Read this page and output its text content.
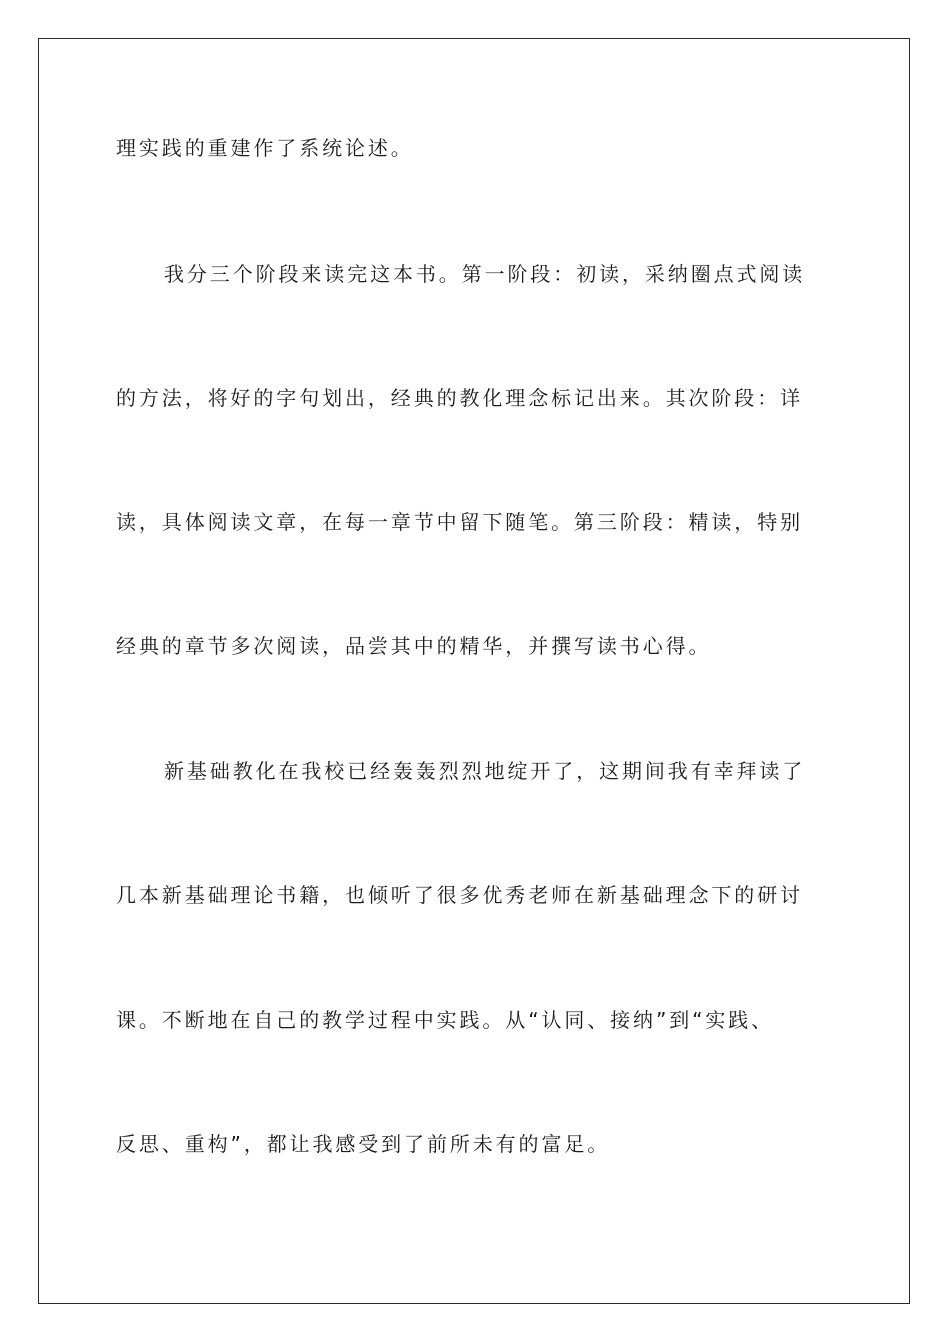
理实践的重建作了系统论述。
我分三个阶段来读完这本书。第一阶段：初读，采纳圈点式阅读
的方法，将好的字句划出，经典的教化理念标记出来。其次阶段：详
读，具体阅读文章，在每一章节中留下随笔。第三阶段：精读，特别
经典的章节多次阅读，品尝其中的精华，并撰写读书心得。
新基础教化在我校已经轰轰烈烈地绽开了，这期间我有幸拜读了
几本新基础理论书籍，也倾听了很多优秀老师在新基础理念下的研讨
课。不断地在自己的教学过程中实践。从“认同、接纳”到“实践、
反思、重构”，都让我感受到了前所未有的富足。
